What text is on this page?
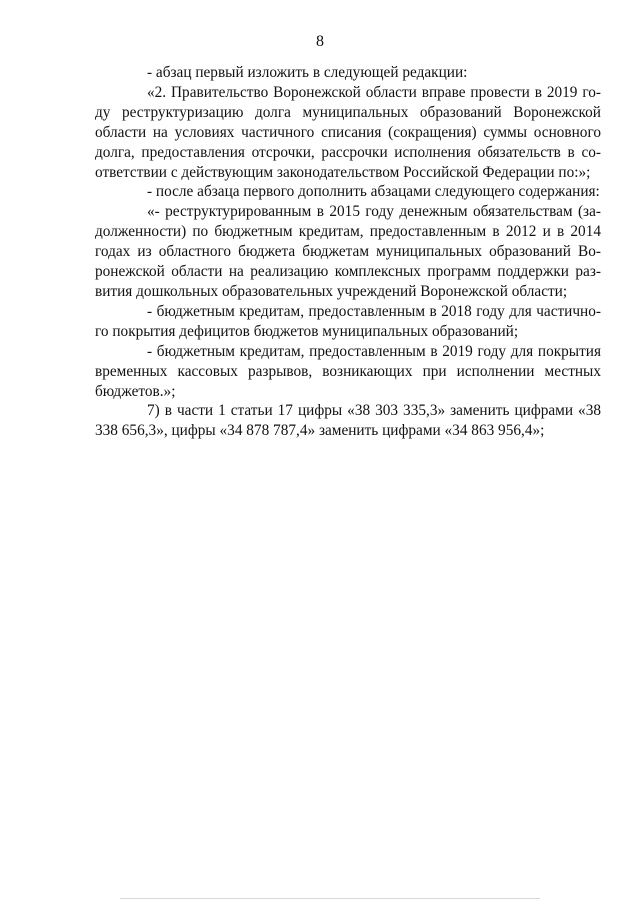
8

- абзац первый изложить в следующей редакции:

«2. Правительство Воронежской области вправе провести в 2019 году реструктуризацию долга муниципальных образований Воронежской области на условиях частичного списания (сокращения) суммы основного долга, предоставления отсрочки, рассрочки исполнения обязательств в соответствии с действующим законодательством Российской Федерации по:»;

- после абзаца первого дополнить абзацами следующего содержания:

«- реструктурированным в 2015 году денежным обязательствам (задолженности) по бюджетным кредитам, предоставленным в 2012 и в 2014 годах из областного бюджета бюджетам муниципальных образований Воронежской области на реализацию комплексных программ поддержки развития дошкольных образовательных учреждений Воронежской области;

- бюджетным кредитам, предоставленным в 2018 году для частичного покрытия дефицитов бюджетов муниципальных образований;

- бюджетным кредитам, предоставленным в 2019 году для покрытия временных кассовых разрывов, возникающих при исполнении местных бюджетов.»;

7) в части 1 статьи 17 цифры «38 303 335,3» заменить цифрами «38 338 656,3», цифры «34 878 787,4» заменить цифрами «34 863 956,4»;
